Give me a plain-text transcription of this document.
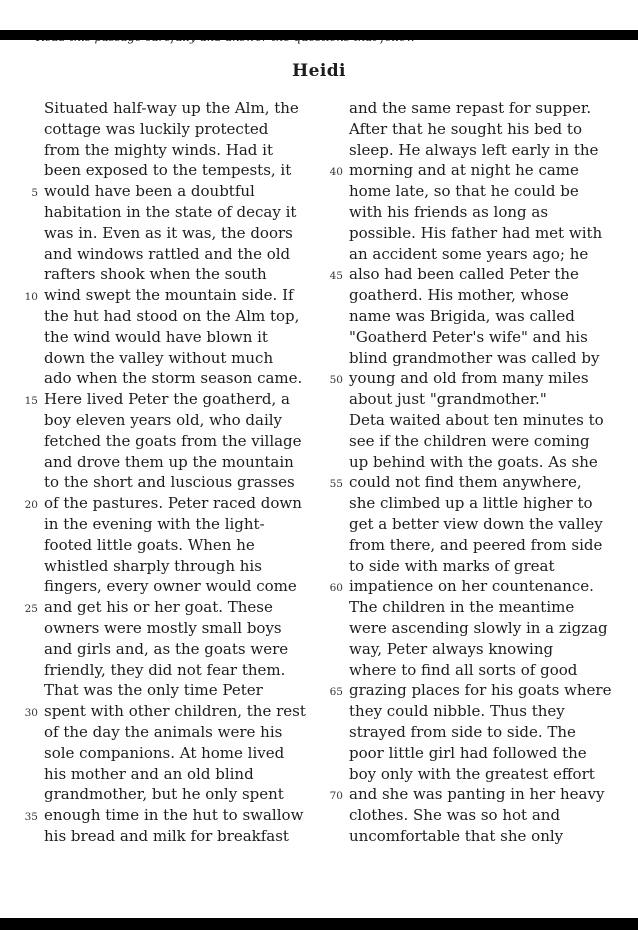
Heidi
Situated half-way up the Alm, the
cottage was luckily protected
from the mighty winds. Had it
been exposed to the tempests, it
5 would have been a doubtful
habitation in the state of decay it
was in. Even as it was, the doors
and windows rattled and the old
rafters shook when the south
10 wind swept the mountain side. If
the hut had stood on the Alm top,
the wind would have blown it
down the valley without much
ado when the storm season came.
15 Here lived Peter the goatherd, a
boy eleven years old, who daily
fetched the goats from the village
and drove them up the mountain
to the short and luscious grasses
20 of the pastures. Peter raced down
in the evening with the light-
footed little goats. When he
whistled sharply through his
fingers, every owner would come
25 and get his or her goat. These
owners were mostly small boys
and girls and, as the goats were
friendly, they did not fear them.
That was the only time Peter
30 spent with other children, the rest
of the day the animals were his
sole companions. At home lived
his mother and an old blind
grandmother, but he only spent
35 enough time in the hut to swallow
his bread and milk for breakfast
and the same repast for supper.
After that he sought his bed to
sleep. He always left early in the
40 morning and at night he came
home late, so that he could be
with his friends as long as
possible. His father had met with
an accident some years ago; he
45 also had been called Peter the
goatherd. His mother, whose
name was Brigida, was called
"Goatherd Peter's wife" and his
blind grandmother was called by
50 young and old from many miles
about just "grandmother."
Deta waited about ten minutes to
see if the children were coming
up behind with the goats. As she
55 could not find them anywhere,
she climbed up a little higher to
get a better view down the valley
from there, and peered from side
to side with marks of great
60 impatience on her countenance.
The children in the meantime
were ascending slowly in a zigzag
way, Peter always knowing
where to find all sorts of good
65 grazing places for his goats where
they could nibble. Thus they
strayed from side to side. The
poor little girl had followed the
boy only with the greatest effort
70 and she was panting in her heavy
clothes. She was so hot and
uncomfortable that she only
